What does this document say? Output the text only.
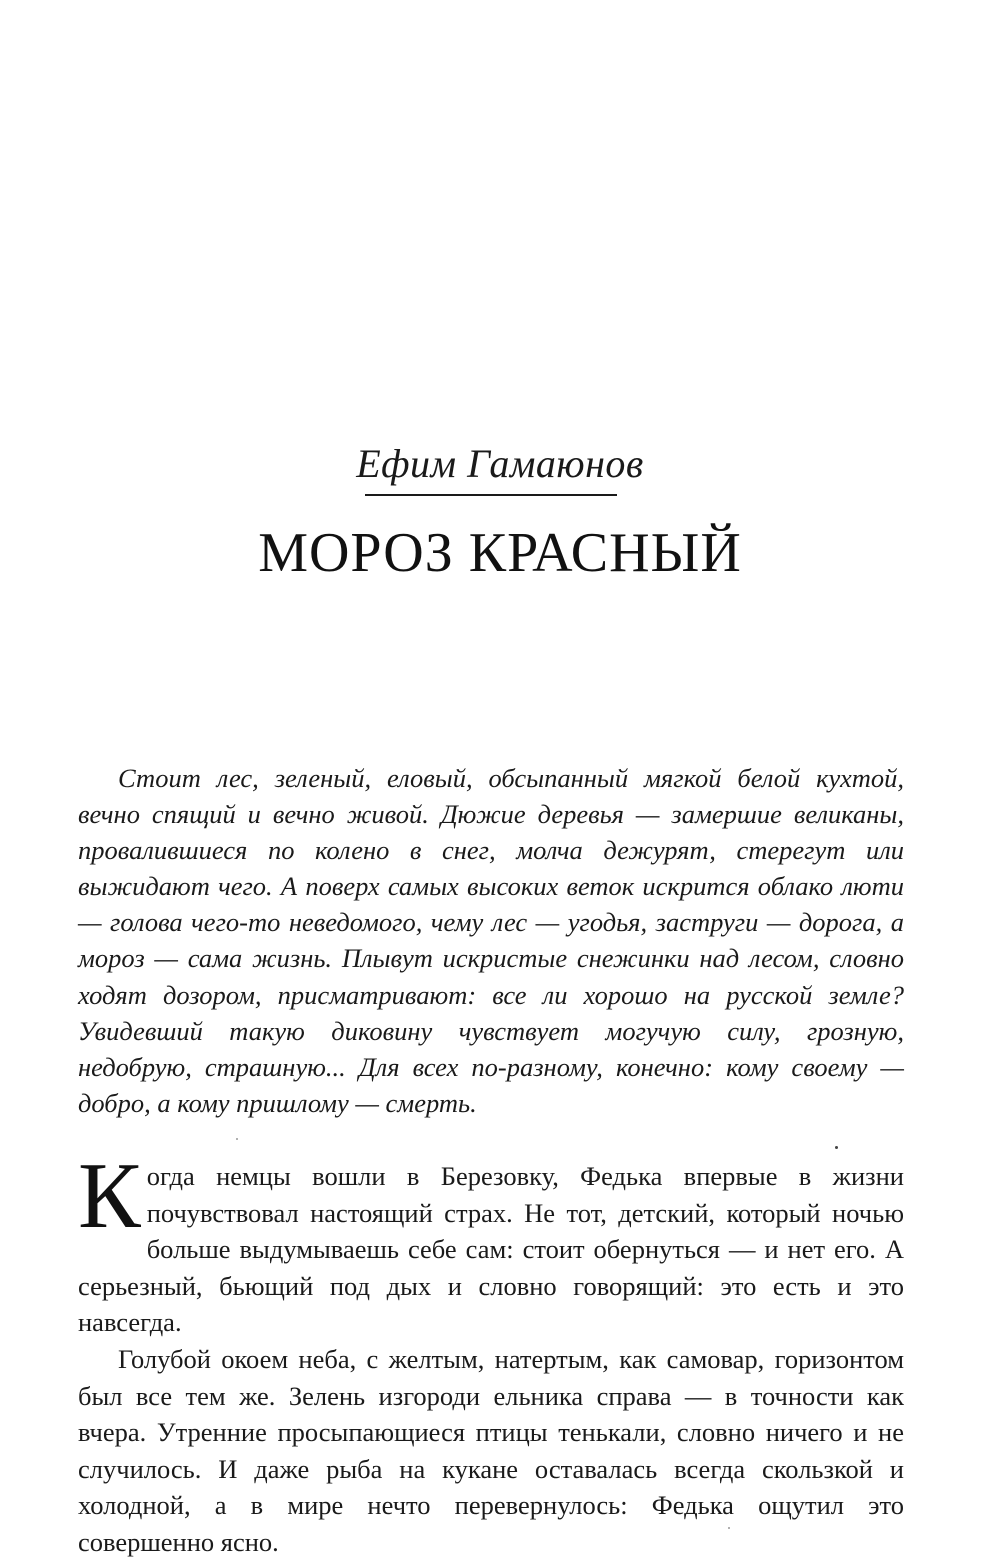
Ефим Гамаюнов
МОРОЗ КРАСНЫЙ

Стоит лес, зеленый, еловый, обсыпанный мягкой белой кухтой, вечно спящий и вечно живой. Дюжие деревья — замершие великаны, провалившиеся по колено в снег, молча дежурят, стерегут или выжидают чего. А поверх самых высоких веток искрится облако люти — голова чего-то неведомого, чему лес — угодья, заструги — дорога, а мороз — сама жизнь. Плывут искристые снежинки над лесом, словно ходят дозором, присматривают: все ли хорошо на русской земле? Увидевший такую диковину чувствует могучую силу, грозную, недобрую, страшную... Для всех по-разному, конечно: кому своему — добро, а кому пришлому — смерть.

Когда немцы вошли в Березовку, Федька впервые в жизни почувствовал настоящий страх. Не тот, детский, который ночью больше выдумываешь себе сам: стоит обернуться — и нет его. А серьезный, бьющий под дых и словно говорящий: это есть и это навсегда.

Голубой окоем неба, с желтым, натертым, как самовар, горизонтом был все тем же. Зелень изгороди ельника справа — в точности как вчера. Утренние просыпающиеся птицы тенькали, словно ничего и не случилось. И даже рыба на кукане оставалась всегда скользкой и холодной, а в мире нечто перевернулось: Федька ощутил это совершенно ясно.
